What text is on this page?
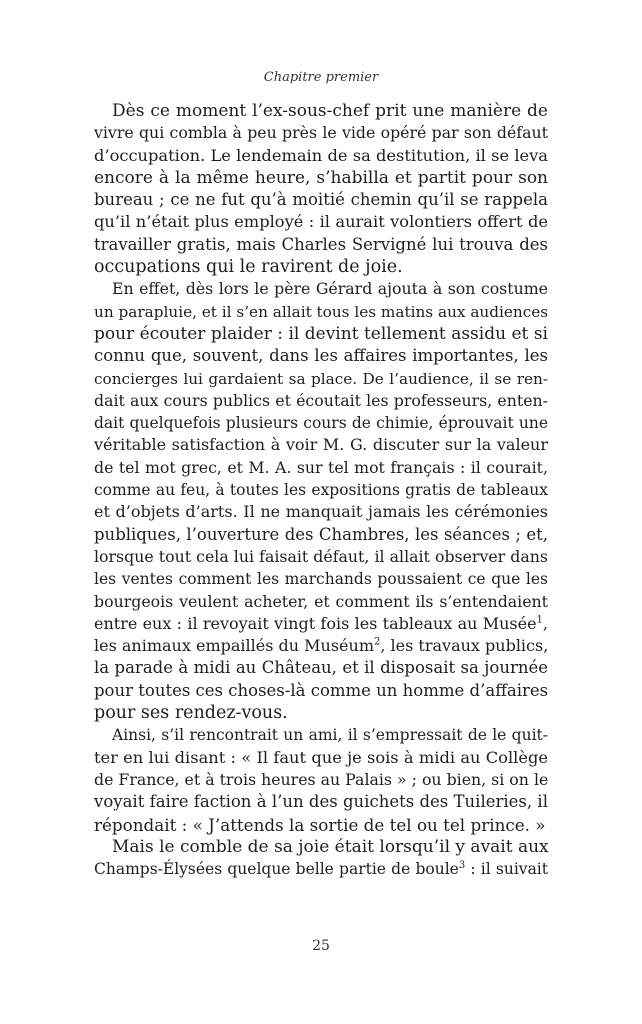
Chapitre premier
Dès ce moment l’ex-sous-chef prit une manière de
vivre qui combla à peu près le vide opéré par son défaut
d’occupation. Le lendemain de sa destitution, il se leva
encore à la même heure, s’habilla et partit pour son
bureau ; ce ne fut qu’à moitié chemin qu’il se rappela
qu’il n’était plus employé : il aurait volontiers offert de
travailler gratis, mais Charles Servigné lui trouva des
occupations qui le ravirent de joie.
En effet, dès lors le père Gérard ajouta à son costume
un parapluie, et il s’en allait tous les matins aux audiences
pour écouter plaider : il devint tellement assidu et si
connu que, souvent, dans les affaires importantes, les
concierges lui gardaient sa place. De l’audience, il se ren-
dait aux cours publics et écoutait les professeurs, enten-
dait quelquefois plusieurs cours de chimie, éprouvait une
véritable satisfaction à voir M. G. discuter sur la valeur
de tel mot grec, et M. A. sur tel mot français : il courait,
comme au feu, à toutes les expositions gratis de tableaux
et d’objets d’arts. Il ne manquait jamais les cérémonies
publiques, l’ouverture des Chambres, les séances ; et,
lorsque tout cela lui faisait défaut, il allait observer dans
les ventes comment les marchands poussaient ce que les
bourgeois veulent acheter, et comment ils s’entendaient
entre eux : il revoyait vingt fois les tableaux au Musée$^1$,
les animaux empaillés du Muséum$^2$, les travaux publics,
la parade à midi au Château, et il disposait sa journée
pour toutes ces choses-là comme un homme d’affaires
pour ses rendez-vous.
Ainsi, s’il rencontrait un ami, il s’empressait de le quit-
ter en lui disant : « Il faut que je sois à midi au Collège
de France, et à trois heures au Palais » ; ou bien, si on le
voyait faire faction à l’un des guichets des Tuileries, il
répondait : « J’attends la sortie de tel ou tel prince. »
Mais le comble de sa joie était lorsqu’il y avait aux
Champs-Élysées quelque belle partie de boule$^3$ : il suivait
25
